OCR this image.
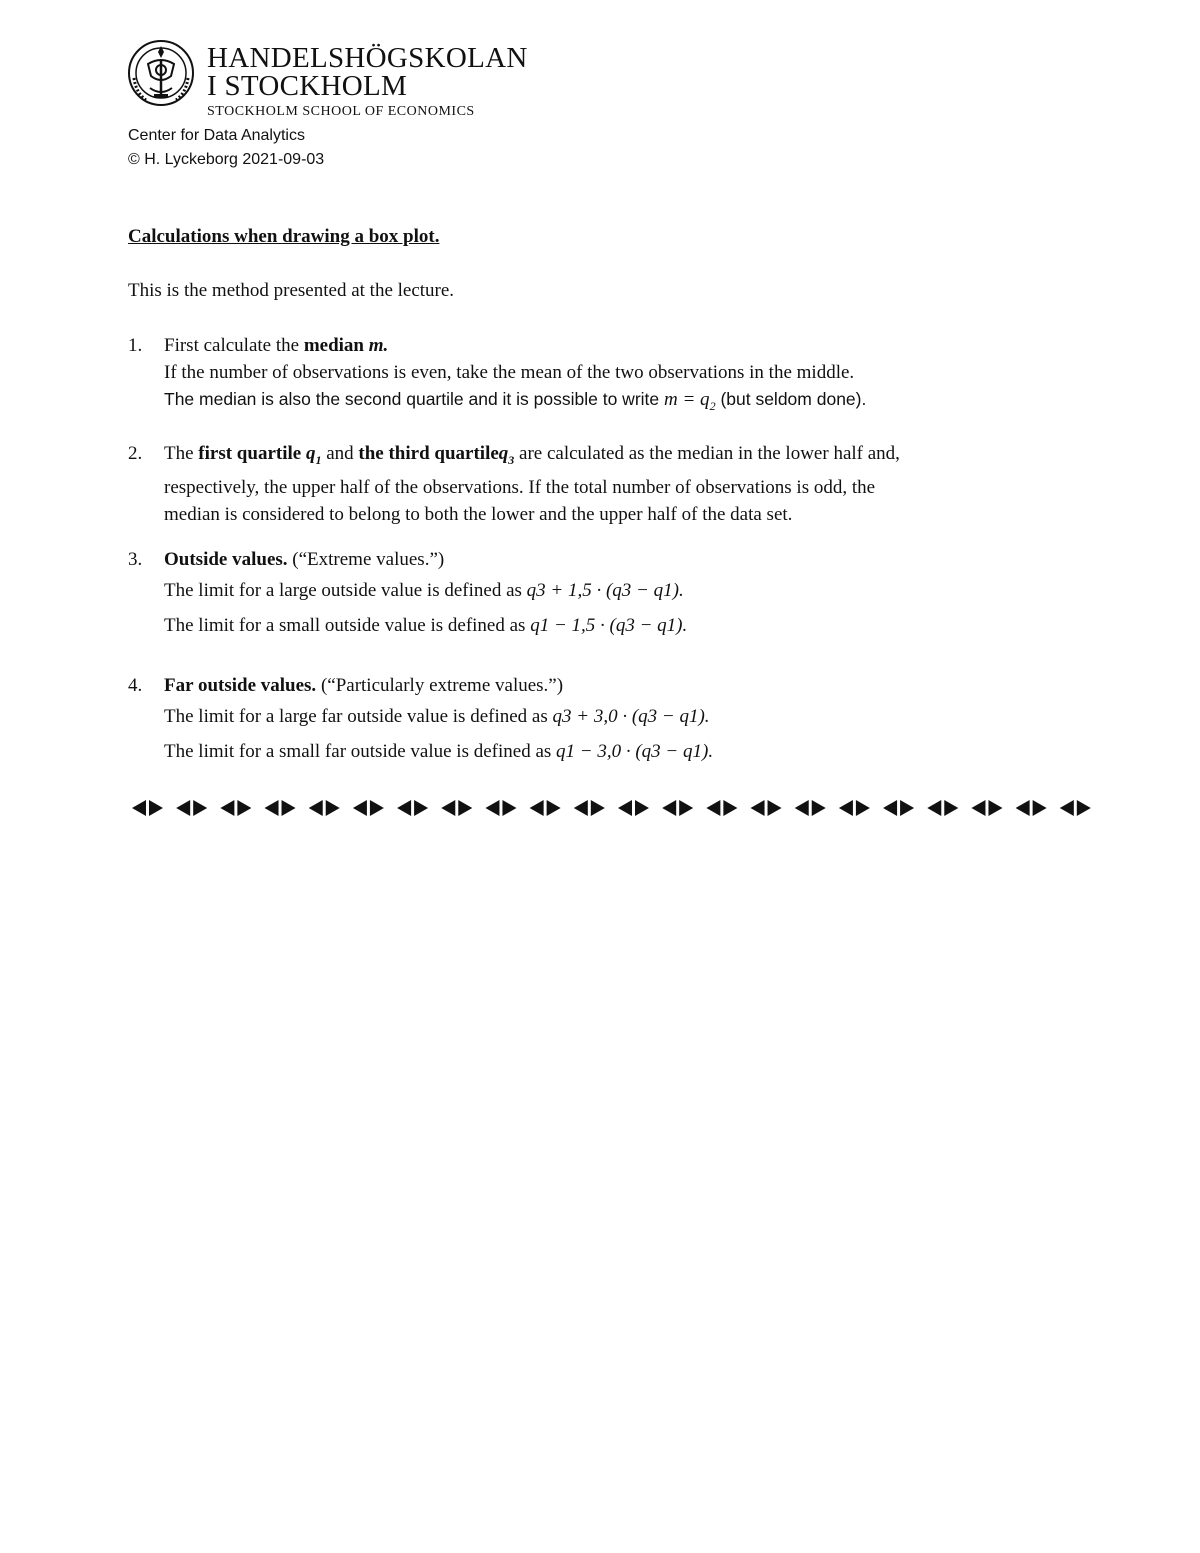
HANDELSHÖGSKOLAN
I STOCKHOLM
STOCKHOLM SCHOOL OF ECONOMICS
Center for Data Analytics
© H. Lyckeborg 2021-09-03
Calculations when drawing a box plot.
This is the method presented at the lecture.
1.	First calculate the median m.
If the number of observations is even, take the mean of the two observations in the middle.
The median is also the second quartile and it is possible to write $m = q_2$ (but seldom done).
2.	The first quartile $q_1$ and the third quartileq$_3$ are calculated as the median in the lower half and,
respectively, the upper half of the observations. If the total number of observations is odd, the
median is considered to belong to both the lower and the upper half of the data set.
3.	Outside values. (“Extreme values.”)
The limit for a large outside value is defined as q3 + 1,5 · (q3 − q1).
The limit for a small outside value is defined as q1 − 1,5 · (q3 − q1).
4.	Far outside values. (“Particularly extreme values.”)
The limit for a large far outside value is defined as q3 + 3,0 · (q3 − q1).
The limit for a small far outside value is defined as q1 − 3,0 · (q3 − q1).
